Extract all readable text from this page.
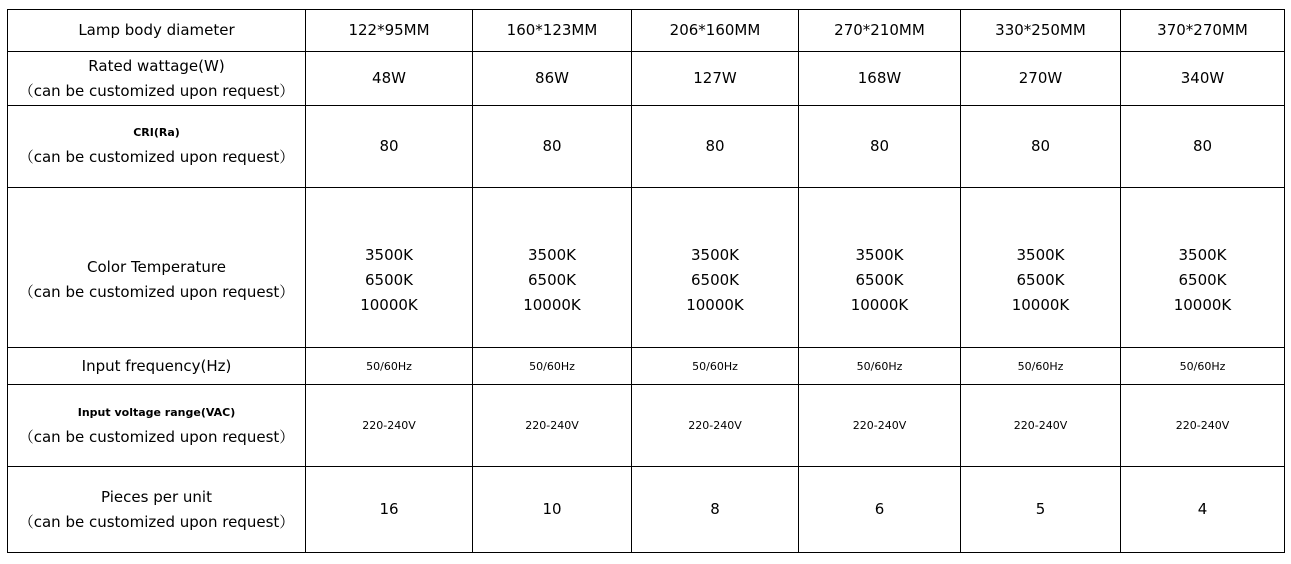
Lamp body diameter	122*95MM	160*123MM	206*160MM	270*210MM	330*250MM	370*270MM

Rated wattage(W)
（can be customized upon request）	48W	86W	127W	168W	270W	340W

CRI(Ra)
（can be customized upon request）	80	80	80	80	80	80

Color Temperature
（can be customized upon request）	3500K
6500K
10000K	3500K
6500K
10000K	3500K
6500K
10000K	3500K
6500K
10000K	3500K
6500K
10000K	3500K
6500K
10000K

Input frequency(Hz)	50/60Hz	50/60Hz	50/60Hz	50/60Hz	50/60Hz	50/60Hz

Input voltage range(VAC)
（can be customized upon request）	220-240V	220-240V	220-240V	220-240V	220-240V	220-240V

Pieces per unit
（can be customized upon request）	16	10	8	6	5	4
